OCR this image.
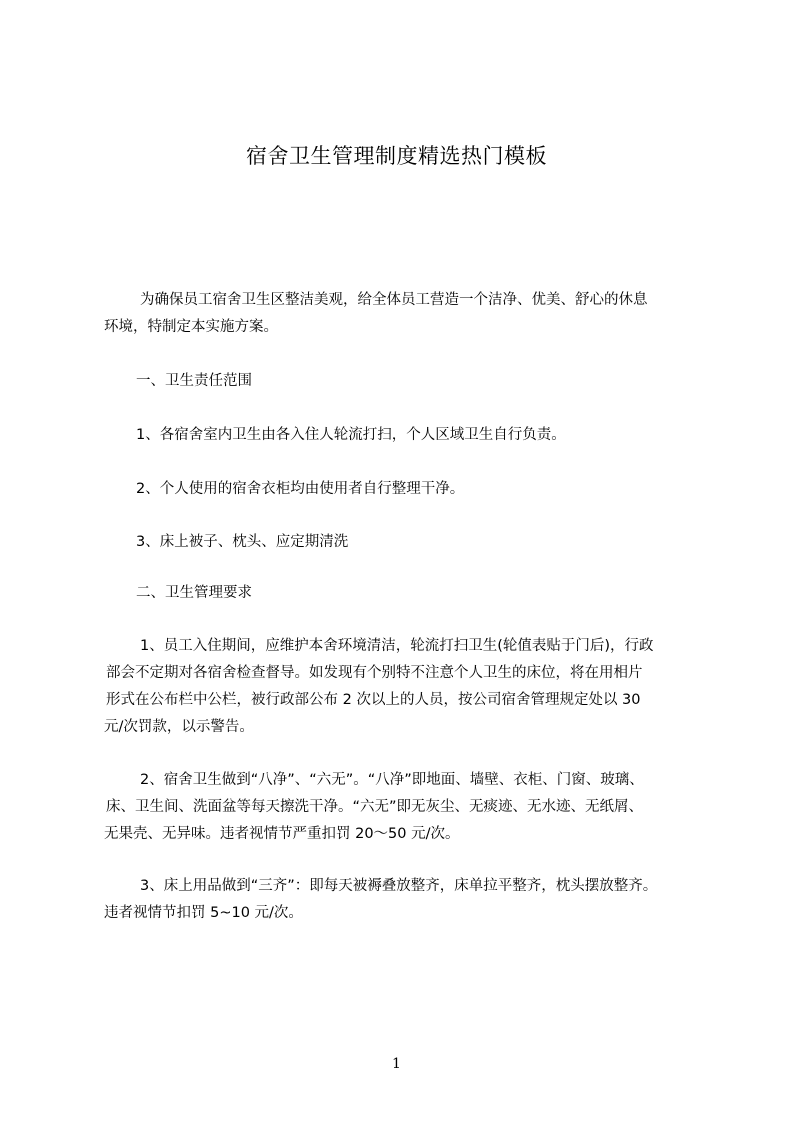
宿舍卫生管理制度精选热门模板
为确保员工宿舍卫生区整洁美观，给全体员工营造一个洁净、优美、舒心的休息
环境，特制定本实施方案。
一、卫生责任范围
1、各宿舍室内卫生由各入住人轮流打扫，个人区域卫生自行负责。
2、个人使用的宿舍衣柜均由使用者自行整理干净。
3、床上被子、枕头、应定期清洗
二、卫生管理要求
1、员工入住期间，应维护本舍环境清洁，轮流打扫卫生(轮值表贴于门后)，行政
部会不定期对各宿舍检查督导。如发现有个别特不注意个人卫生的床位，将在用相片
形式在公布栏中公栏，被行政部公布 2 次以上的人员，按公司宿舍管理规定处以 30
元/次罚款，以示警告。
2、宿舍卫生做到“八净”、“六无”。“八净”即地面、墙壁、衣柜、门窗、玻璃、
床、卫生间、洗面盆等每天擦洗干净。“六无”即无灰尘、无痰迹、无水迹、无纸屑、
无果壳、无异味。违者视情节严重扣罚 20～50 元/次。
3、床上用品做到“三齐”：即每天被褥叠放整齐，床单拉平整齐，枕头摆放整齐。
违者视情节扣罚 5~10 元/次。
1
